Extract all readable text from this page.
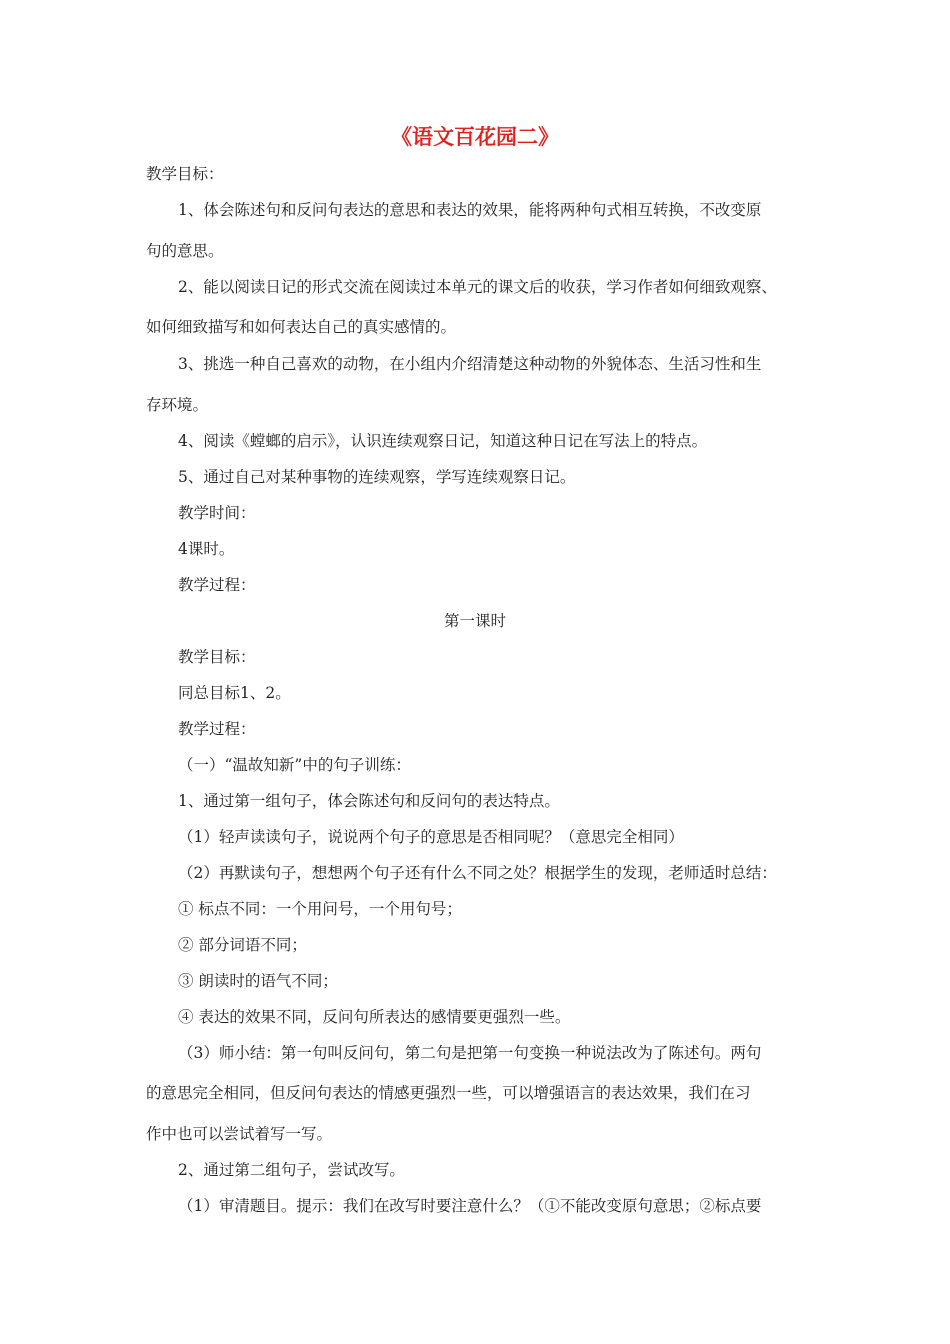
《语文百花园二》
教学目标：
1、体会陈述句和反问句表达的意思和表达的效果，能将两种句式相互转换，不改变原
句的意思。
2、能以阅读日记的形式交流在阅读过本单元的课文后的收获，学习作者如何细致观察、
如何细致描写和如何表达自己的真实感情的。
3、挑选一种自己喜欢的动物，在小组内介绍清楚这种动物的外貌体态、生活习性和生
存环境。
4、阅读《螳螂的启示》，认识连续观察日记，知道这种日记在写法上的特点。
5、通过自己对某种事物的连续观察，学写连续观察日记。
教学时间：
4课时。
教学过程：
第一课时
教学目标：
同总目标1、2。
教学过程：
（一）“温故知新”中的句子训练：
1、通过第一组句子，体会陈述句和反问句的表达特点。
（1）轻声读读句子，说说两个句子的意思是否相同呢？（意思完全相同）
（2）再默读句子，想想两个句子还有什么不同之处？根据学生的发现，老师适时总结：
① 标点不同：一个用问号，一个用句号；
② 部分词语不同；
③ 朗读时的语气不同；
④ 表达的效果不同，反问句所表达的感情要更强烈一些。
（3）师小结：第一句叫反问句，第二句是把第一句变换一种说法改为了陈述句。两句
的意思完全相同，但反问句表达的情感更强烈一些，可以增强语言的表达效果，我们在习
作中也可以尝试着写一写。
2、通过第二组句子，尝试改写。
（1）审清题目。提示：我们在改写时要注意什么？（①不能改变原句意思；②标点要
